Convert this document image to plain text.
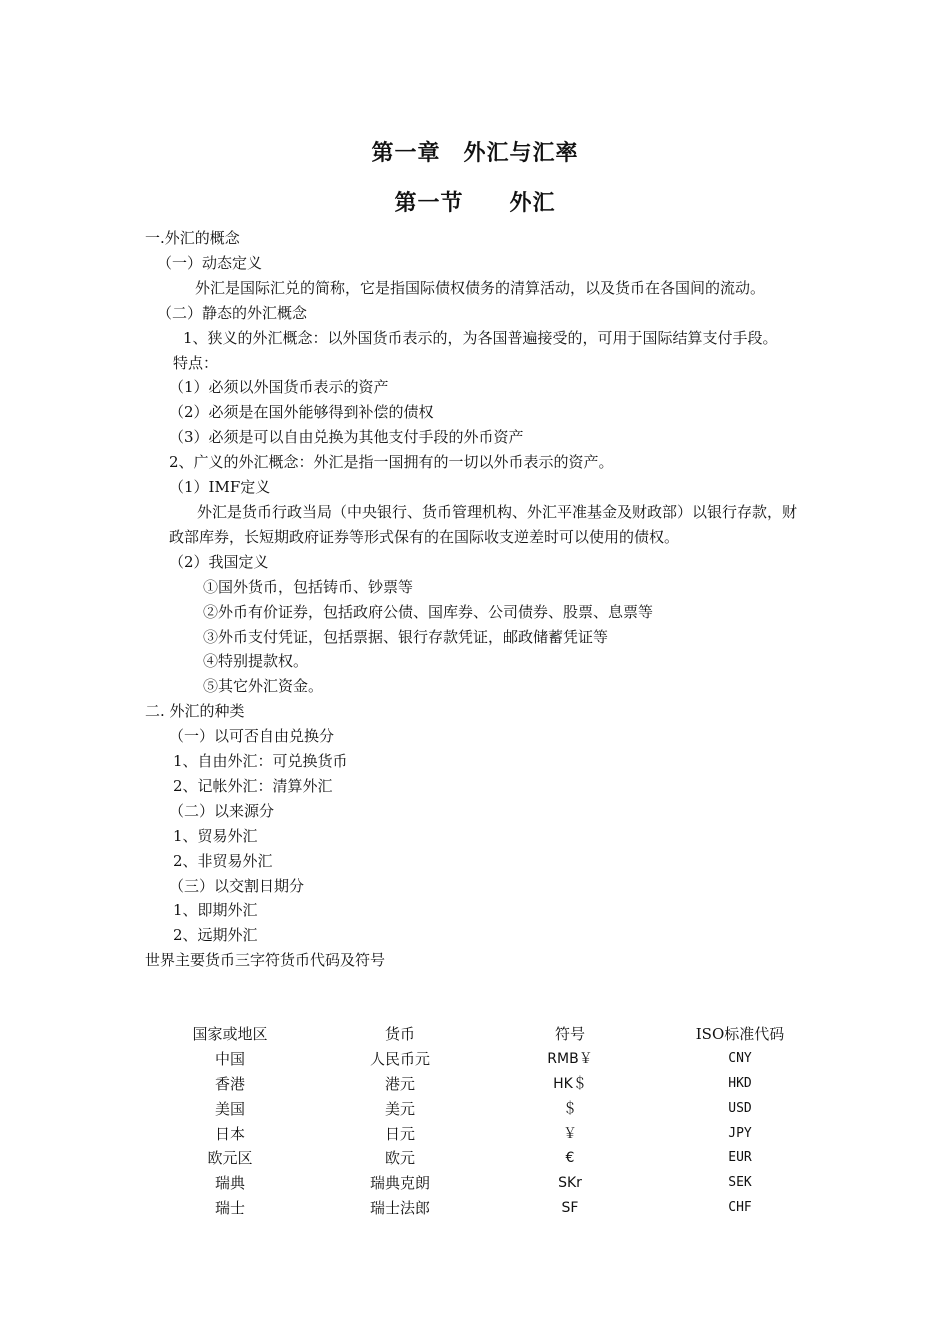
第一章　外汇与汇率
第一节　　外汇
一.外汇的概念
（一）动态定义
外汇是国际汇兑的简称，它是指国际债权债务的清算活动，以及货币在各国间的流动。
（二）静态的外汇概念
1、狭义的外汇概念：以外国货币表示的，为各国普遍接受的，可用于国际结算支付手段。
特点：
（1）必须以外国货币表示的资产
（2）必须是在国外能够得到补偿的债权
（3）必须是可以自由兑换为其他支付手段的外币资产
2、广义的外汇概念：外汇是指一国拥有的一切以外币表示的资产。
（1）IMF定义
外汇是货币行政当局（中央银行、货币管理机构、外汇平准基金及财政部）以银行存款，财政部库券，长短期政府证券等形式保有的在国际收支逆差时可以使用的债权。
（2）我国定义
①国外货币，包括铸币、钞票等
②外币有价证券，包括政府公债、国库券、公司债券、股票、息票等
③外币支付凭证，包括票据、银行存款凭证，邮政储蓄凭证等
④特别提款权。
⑤其它外汇资金。
二. 外汇的种类
（一）以可否自由兑换分
1、自由外汇：可兑换货币
2、记帐外汇：清算外汇
（二）以来源分
1、贸易外汇
2、非贸易外汇
（三）以交割日期分
1、即期外汇
2、远期外汇
世界主要货币三字符货币代码及符号
国家或地区	货币	符号	ISO标准代码
中国	人民币元	RMB￥	CNY
香港	港元	HK＄	HKD
美国	美元	＄	USD
日本	日元	￥	JPY
欧元区	欧元	€	EUR
瑞典	瑞典克朗	SKr	SEK
瑞士	瑞士法郎	SF	CHF
